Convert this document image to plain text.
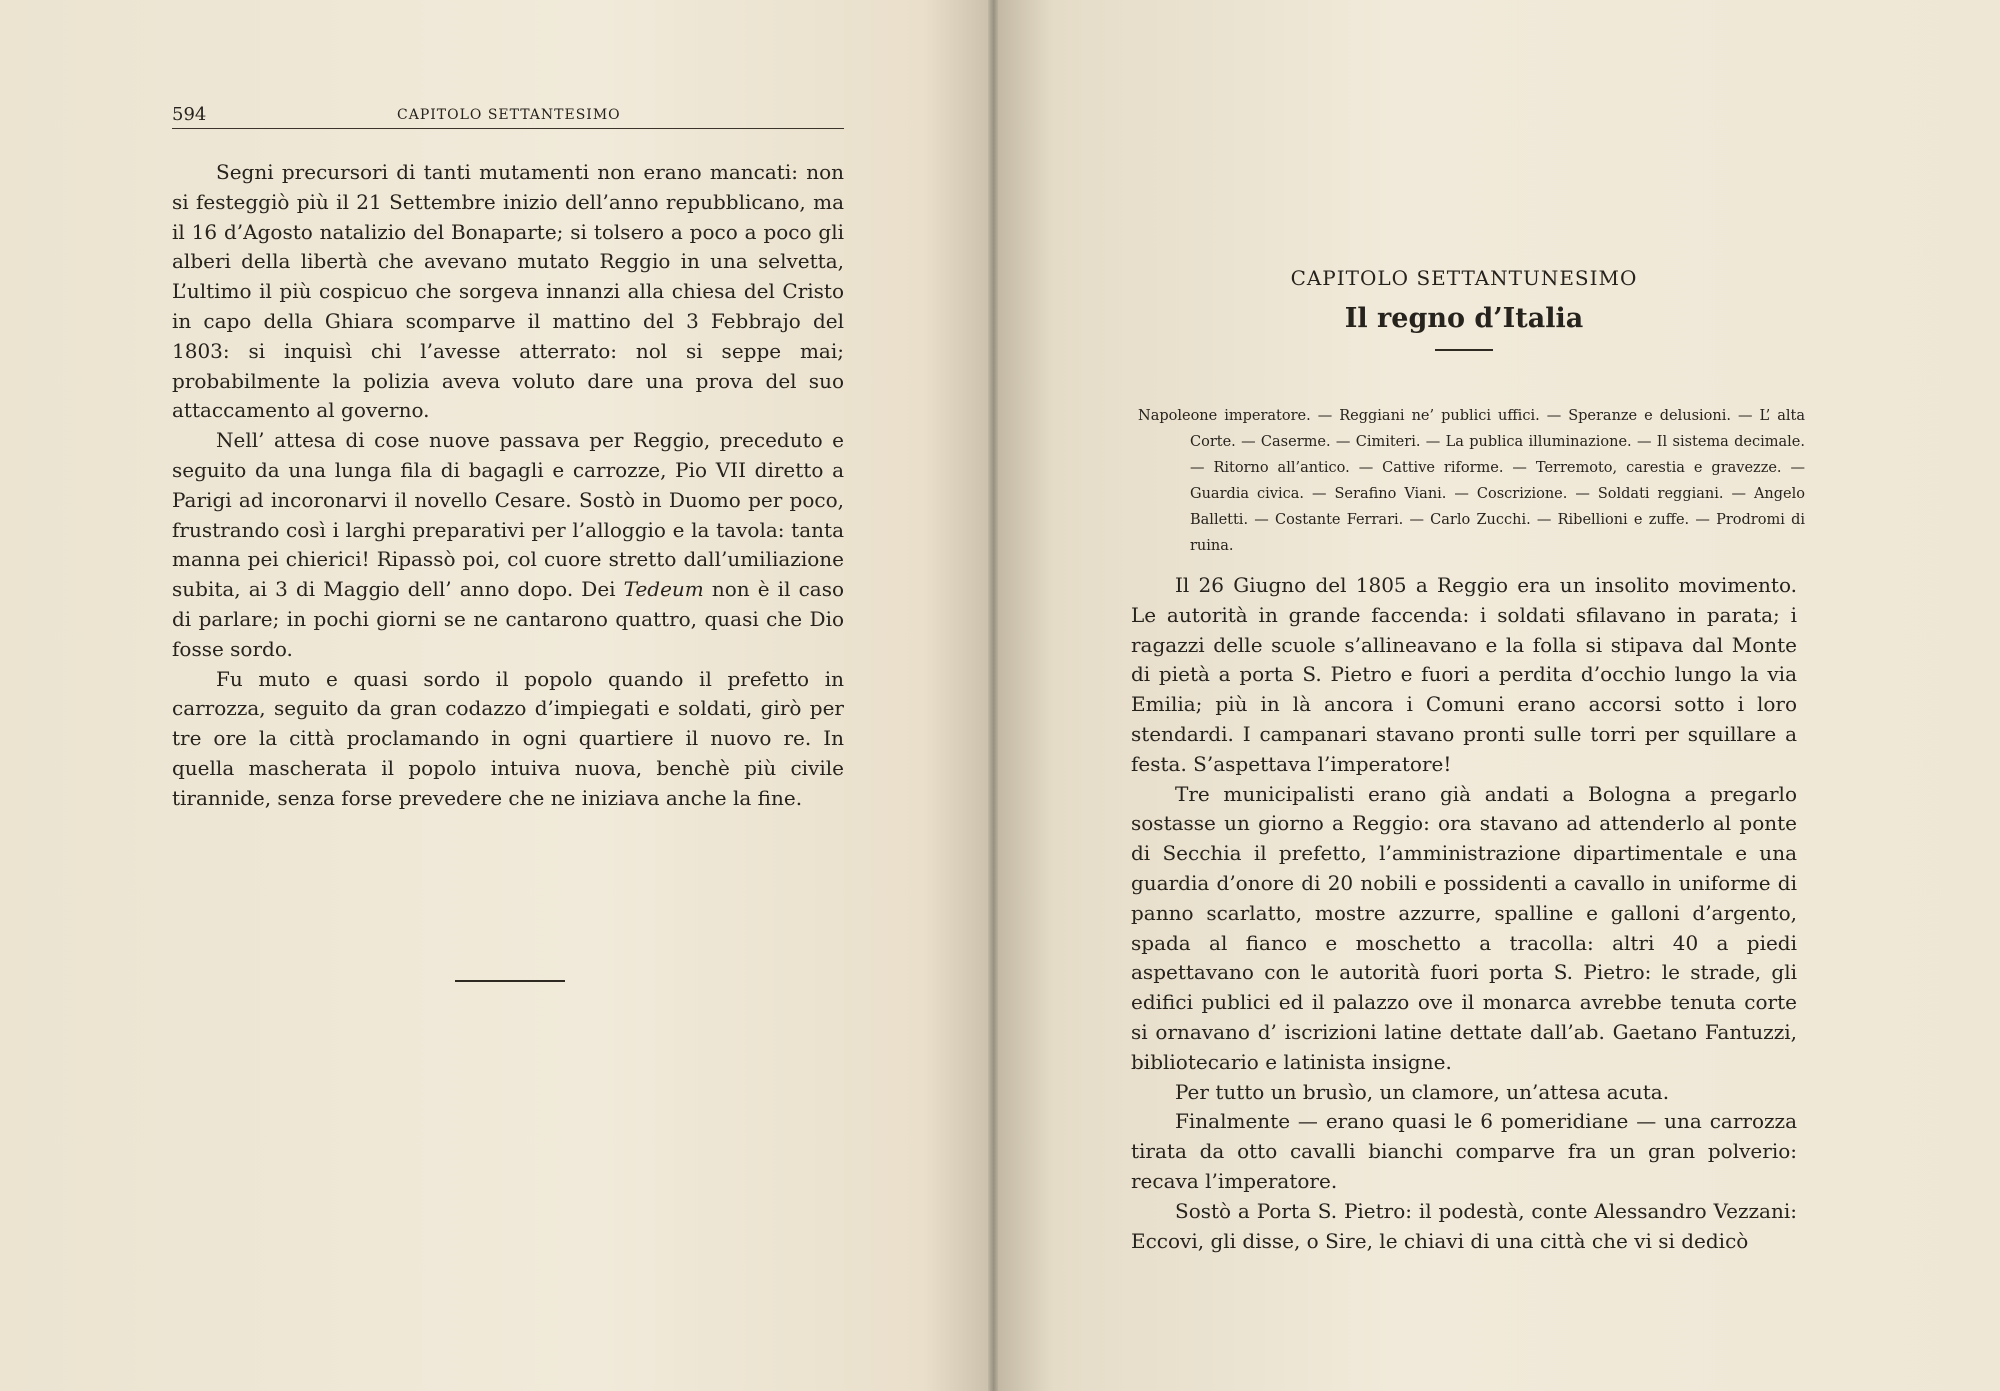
594	CAPITOLO SETTANTESIMO

Segni precursori di tanti mutamenti non erano mancati: non si festeggiò più il 21 Settembre inizio dell’anno repubblicano, ma il 16 d’Agosto natalizio del Bonaparte; si tolsero a poco a poco gli alberi della libertà che avevano mutato Reggio in una selvetta, L’ultimo il più cospicuo che sorgeva innanzi alla chiesa del Cristo in capo della Ghiara scomparve il mattino del 3 Febbrajo del 1803: si inquisì chi l’avesse atterrato: nol si seppe mai; probabilmente la polizia aveva voluto dare una prova del suo attaccamento al governo.

Nell’ attesa di cose nuove passava per Reggio, preceduto e seguito da una lunga fila di bagagli e carrozze, Pio VII diretto a Parigi ad incoronarvi il novello Cesare. Sostò in Duomo per poco, frustrando così i larghi preparativi per l’alloggio e la tavola: tanta manna pei chierici! Ripassò poi, col cuore stretto dall’umiliazione subita, ai 3 di Maggio dell’ anno dopo. Dei Tedeum non è il caso di parlare; in pochi giorni se ne cantarono quattro, quasi che Dio fosse sordo.

Fu muto e quasi sordo il popolo quando il prefetto in carrozza, seguito da gran codazzo d’impiegati e soldati, girò per tre ore la città proclamando in ogni quartiere il nuovo re. In quella mascherata il popolo intuiva nuova, benchè più civile tirannide, senza forse prevedere che ne iniziava anche la fine.

CAPITOLO SETTANTUNESIMO
Il regno d’Italia
Napoleone imperatore. — Reggiani ne’ publici uffici. — Speranze e delusioni. — L’ alta Corte. — Caserme. — Cimiteri. — La publica illuminazione. — Il sistema decimale. — Ritorno all’antico. — Cattive riforme. — Terremoto, carestia e gravezze. — Guardia civica. — Serafino Viani. — Coscrizione. — Soldati reggiani. — Angelo Balletti. — Costante Ferrari. — Carlo Zucchi. — Ribellioni e zuffe. — Prodromi di ruina.

Il 26 Giugno del 1805 a Reggio era un insolito movimento. Le autorità in grande faccenda: i soldati sfilavano in parata; i ragazzi delle scuole s’allineavano e la folla si stipava dal Monte di pietà a porta S. Pietro e fuori a perdita d’occhio lungo la via Emilia; più in là ancora i Comuni erano accorsi sotto i loro stendardi. I campanari stavano pronti sulle torri per squillare a festa. S’aspettava l’imperatore!

Tre municipalisti erano già andati a Bologna a pregarlo sostasse un giorno a Reggio: ora stavano ad attenderlo al ponte di Secchia il prefetto, l’amministrazione dipartimentale e una guardia d’onore di 20 nobili e possidenti a cavallo in uniforme di panno scarlatto, mostre azzurre, spalline e galloni d’argento, spada al fianco e moschetto a tracolla: altri 40 a piedi aspettavano con le autorità fuori porta S. Pietro: le strade, gli edifici publici ed il palazzo ove il monarca avrebbe tenuta corte si ornavano d’ iscrizioni latine dettate dall’ab. Gaetano Fantuzzi, bibliotecario e latinista insigne.

Per tutto un brusìo, un clamore, un’attesa acuta.

Finalmente — erano quasi le 6 pomeridiane — una carrozza tirata da otto cavalli bianchi comparve fra un gran polverio: recava l’imperatore.

Sostò a Porta S. Pietro: il podestà, conte Alessandro Vezzani: Eccovi, gli disse, o Sire, le chiavi di una città che vi si dedicò
